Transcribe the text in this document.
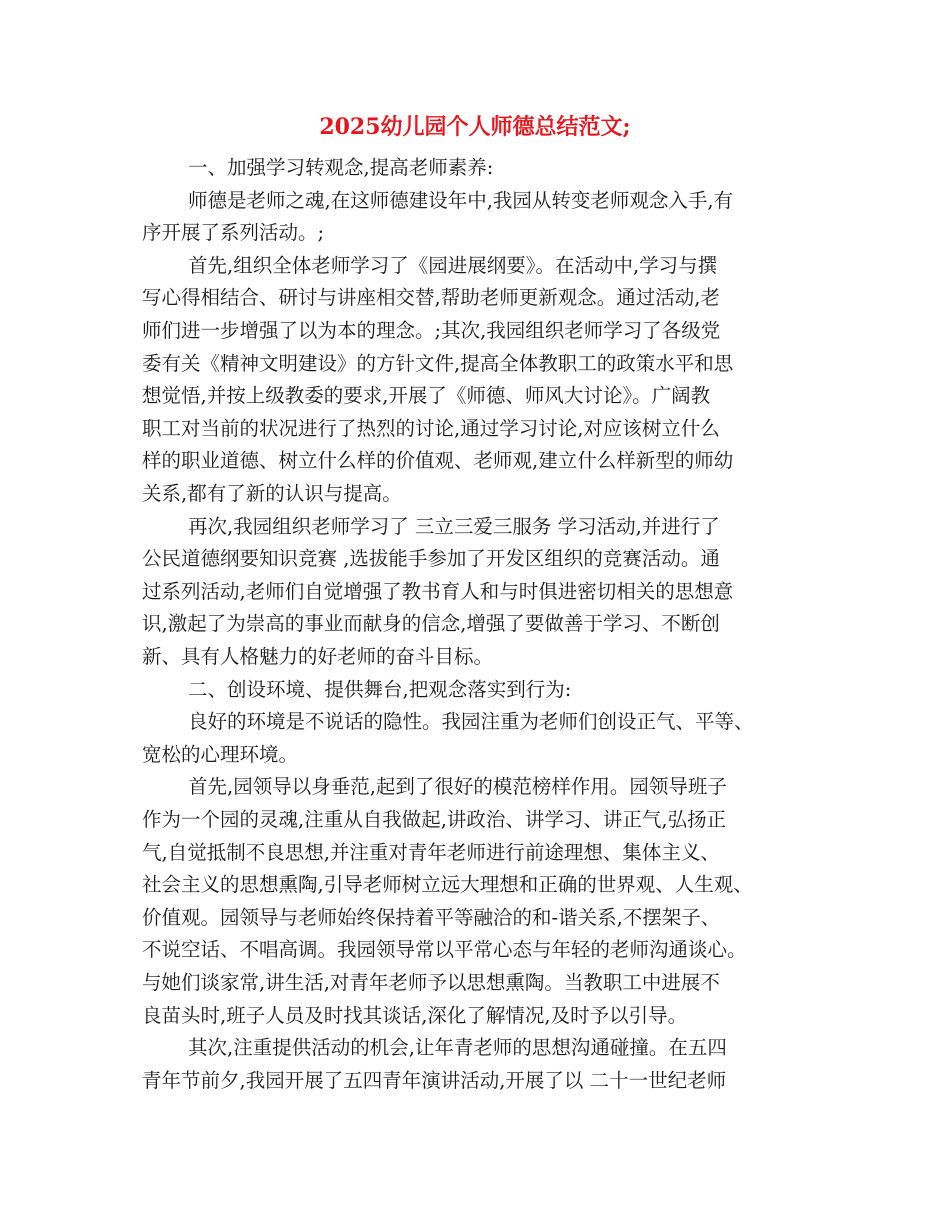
2025幼儿园个人师德总结范文;

一、加强学习转观念,提高老师素养:

师德是老师之魂,在这师德建设年中,我园从转变老师观念入手,有

序开展了系列活动。;

首先,组织全体老师学习了《园进展纲要》。在活动中,学习与撰

写心得相结合、研讨与讲座相交替,帮助老师更新观念。通过活动,老

师们进一步增强了以为本的理念。;其次,我园组织老师学习了各级党

委有关《精神文明建设》的方针文件,提高全体教职工的政策水平和思

想觉悟,并按上级教委的要求,开展了《师德、师风大讨论》。广阔教

职工对当前的状况进行了热烈的讨论,通过学习讨论,对应该树立什么

样的职业道德、树立什么样的价值观、老师观,建立什么样新型的师幼

关系,都有了新的认识与提高。

再次,我园组织老师学习了 三立三爱三服务 学习活动,并进行了

公民道德纲要知识竞赛 ,选拔能手参加了开发区组织的竞赛活动。通

过系列活动,老师们自觉增强了教书育人和与时俱进密切相关的思想意

识,激起了为崇高的事业而献身的信念,增强了要做善于学习、不断创

新、具有人格魅力的好老师的奋斗目标。

二、创设环境、提供舞台,把观念落实到行为:

良好的环境是不说话的隐性。我园注重为老师们创设正气、平等、

宽松的心理环境。

首先,园领导以身垂范,起到了很好的模范榜样作用。园领导班子

作为一个园的灵魂,注重从自我做起,讲政治、讲学习、讲正气,弘扬正

气,自觉抵制不良思想,并注重对青年老师进行前途理想、集体主义、

社会主义的思想熏陶,引导老师树立远大理想和正确的世界观、人生观、

价值观。园领导与老师始终保持着平等融洽的和-谐关系,不摆架子、

不说空话、不唱高调。我园领导常以平常心态与年轻的老师沟通谈心。

与她们谈家常,讲生活,对青年老师予以思想熏陶。当教职工中进展不

良苗头时,班子人员及时找其谈话,深化了解情况,及时予以引导。

其次,注重提供活动的机会,让年青老师的思想沟通碰撞。在五四

青年节前夕,我园开展了五四青年演讲活动,开展了以 二十一世纪老师
